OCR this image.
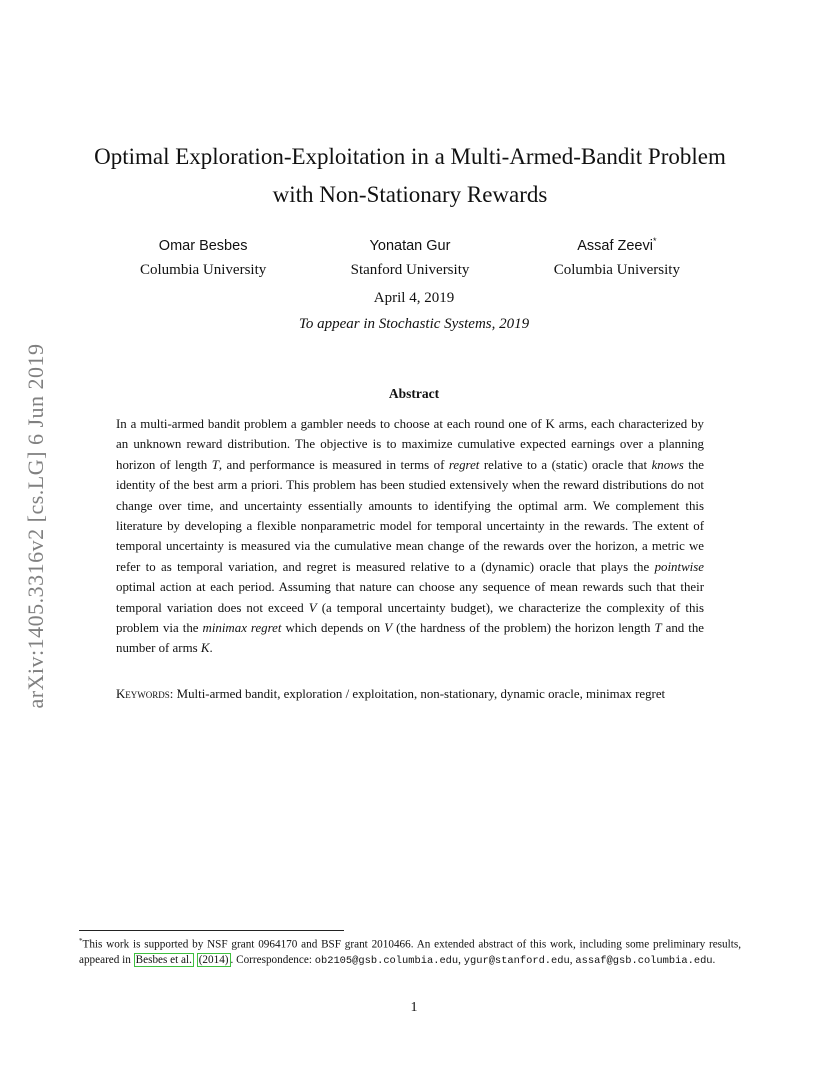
arXiv:1405.3316v2 [cs.LG] 6 Jun 2019
Optimal Exploration-Exploitation in a Multi-Armed-Bandit Problem
with Non-Stationary Rewards
Omar Besbes
Columbia University
Yonatan Gur
Stanford University
Assaf Zeevi*
Columbia University
April 4, 2019
To appear in Stochastic Systems, 2019
Abstract
In a multi-armed bandit problem a gambler needs to choose at each round one of K arms, each characterized by an unknown reward distribution. The objective is to maximize cumulative expected earnings over a planning horizon of length T, and performance is measured in terms of regret relative to a (static) oracle that knows the identity of the best arm a priori. This problem has been studied extensively when the reward distributions do not change over time, and uncertainty essentially amounts to identifying the optimal arm. We complement this literature by developing a flexible nonparametric model for temporal uncertainty in the rewards. The extent of temporal uncertainty is measured via the cumulative mean change of the rewards over the horizon, a metric we refer to as temporal variation, and regret is measured relative to a (dynamic) oracle that plays the pointwise optimal action at each period. Assuming that nature can choose any sequence of mean rewards such that their temporal variation does not exceed V (a temporal uncertainty budget), we characterize the complexity of this problem via the minimax regret which depends on V (the hardness of the problem) the horizon length T and the number of arms K.
Keywords: Multi-armed bandit, exploration / exploitation, non-stationary, dynamic oracle, minimax regret
*This work is supported by NSF grant 0964170 and BSF grant 2010466. An extended abstract of this work, including some preliminary results, appeared in Besbes et al. (2014) . Correspondence: ob2105@gsb.columbia.edu, ygur@stanford.edu, assaf@gsb.columbia.edu.
1
